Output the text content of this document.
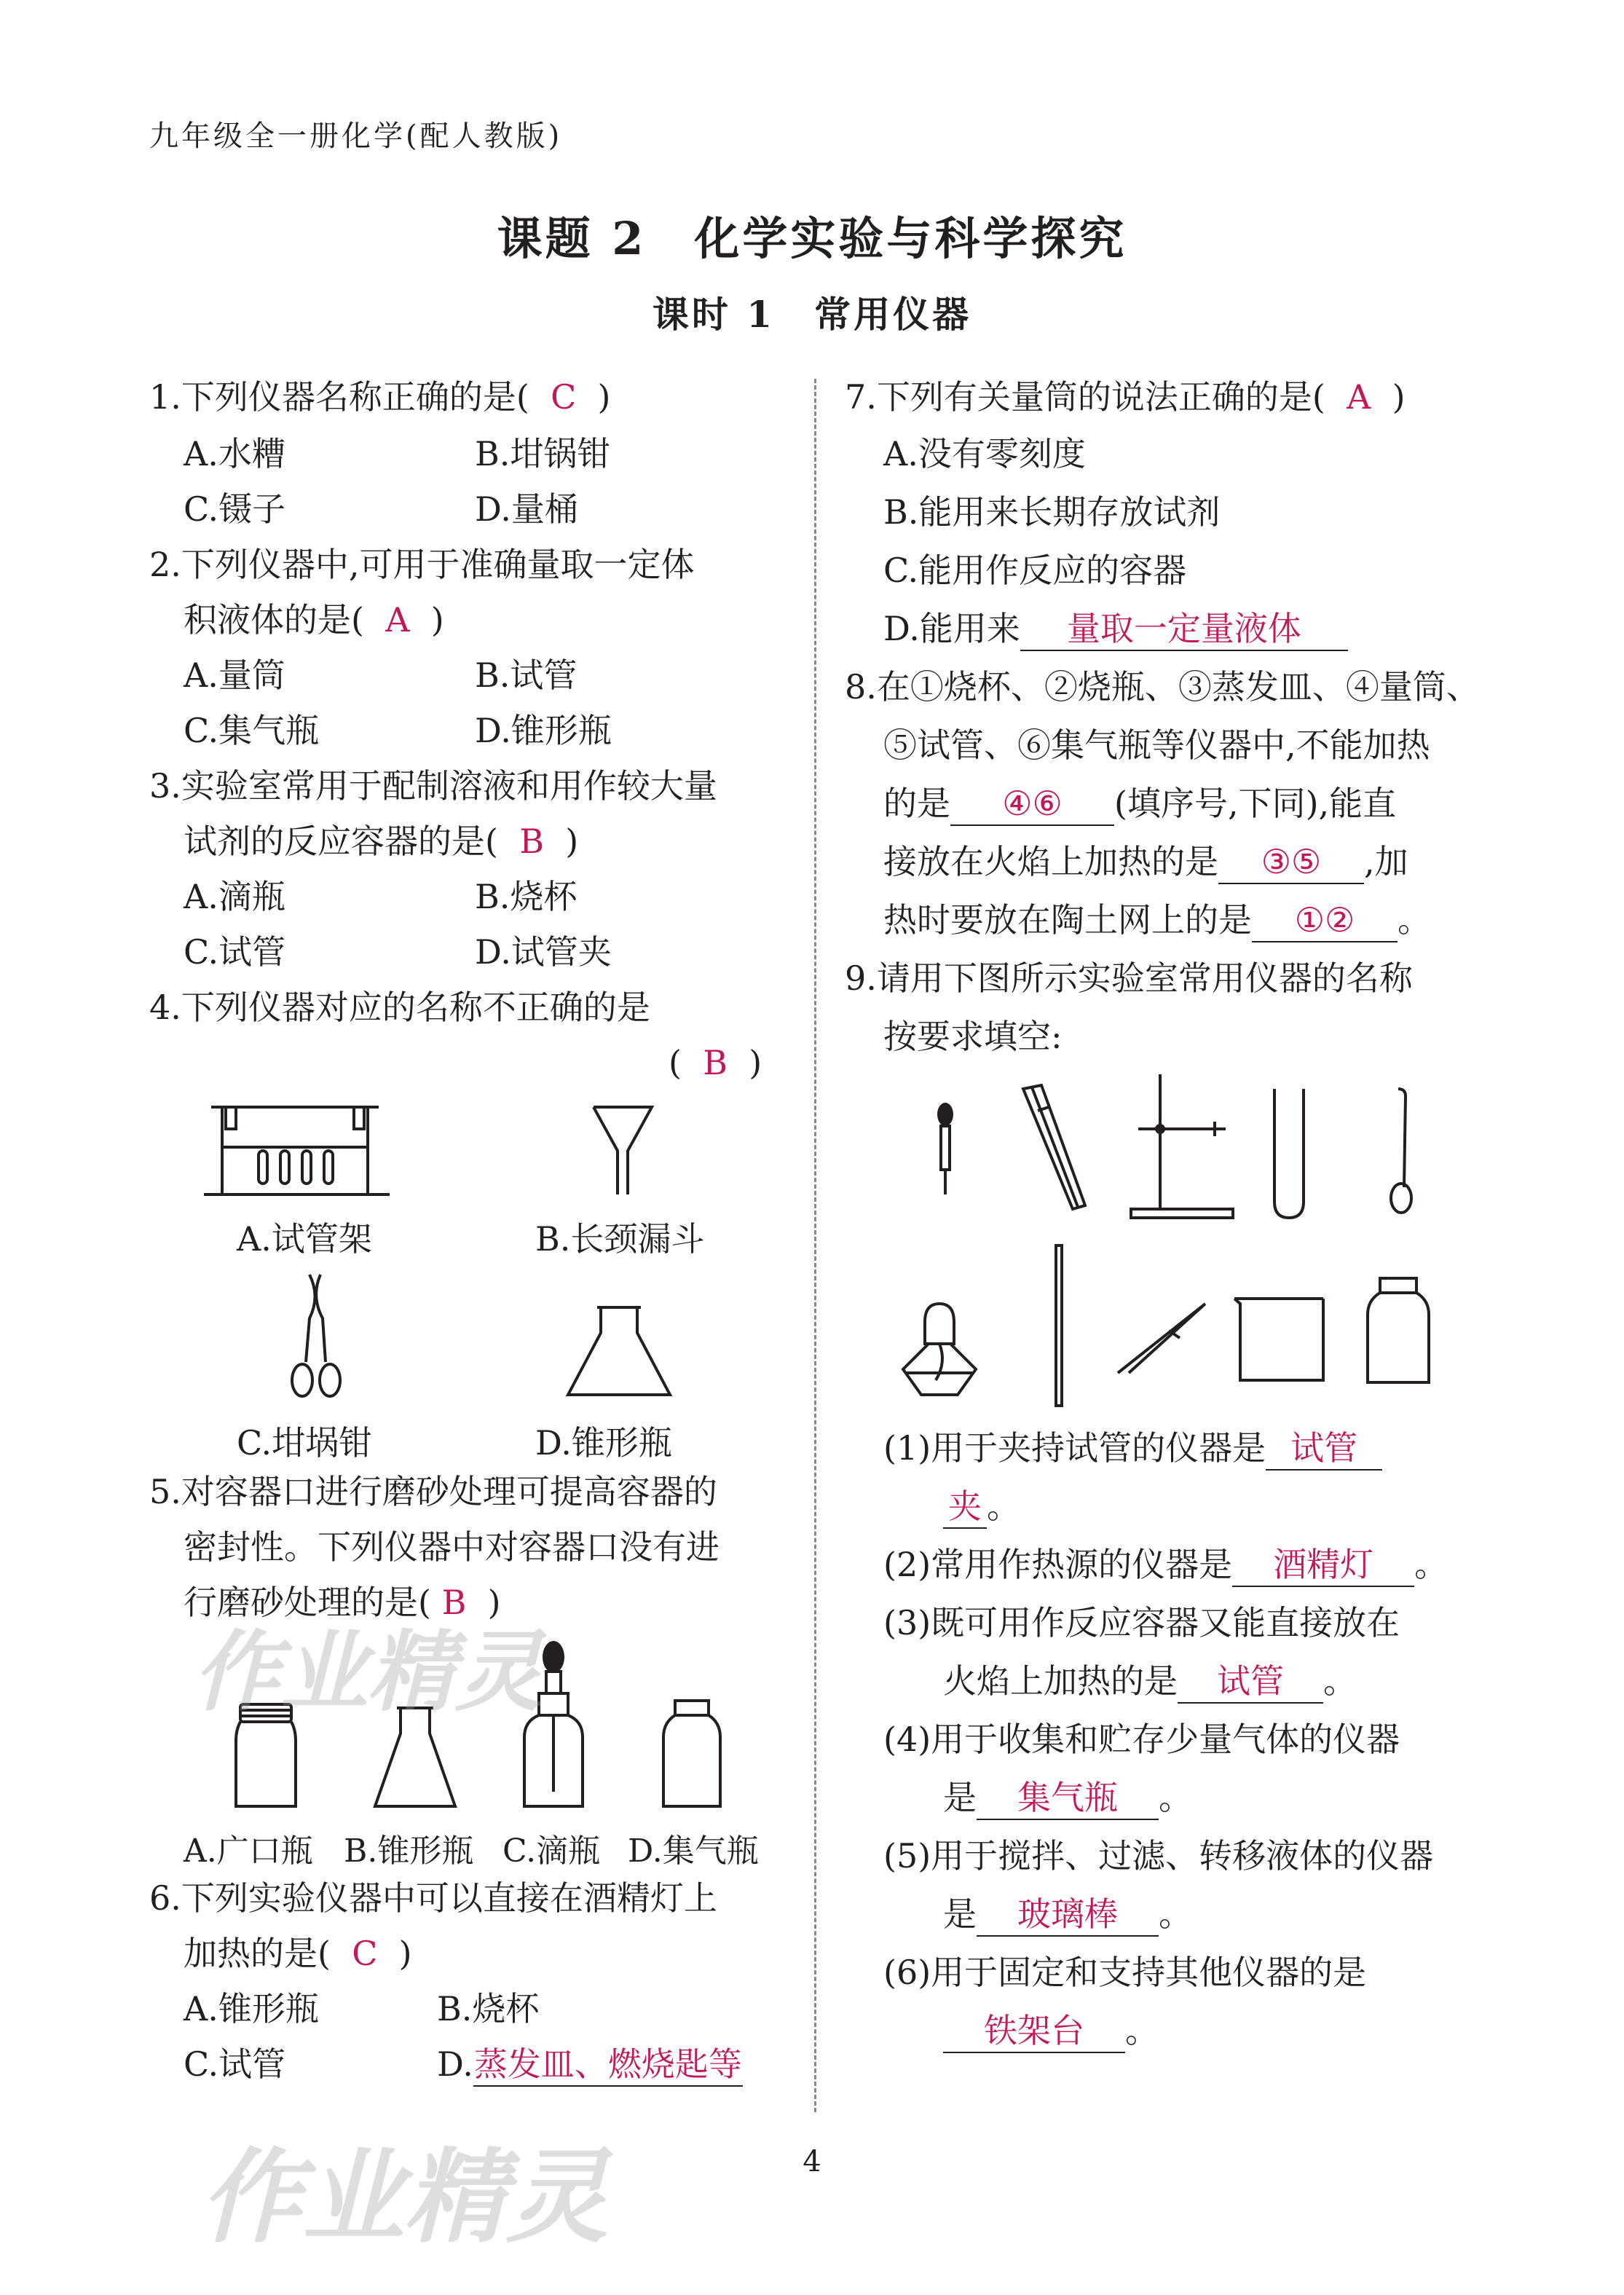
九年级全一册化学(配人教版)
课题 2　化学实验与科学探究
课时 1　常用仪器
1.下列仪器名称正确的是( C )
A.水糟	B.坩锅钳
C.镊子	D.量桶
2.下列仪器中,可用于准确量取一定体
积液体的是( A )
A.量筒	B.试管
C.集气瓶	D.锥形瓶
3.实验室常用于配制溶液和用作较大量
试剂的反应容器的是( B )
A.滴瓶	B.烧杯
C.试管	D.试管夹
4.下列仪器对应的名称不正确的是
( B )
A.试管架	B.长颈漏斗
C.坩埚钳	D.锥形瓶
5.对容器口进行磨砂处理可提高容器的
密封性。下列仪器中对容器口没有进
行磨砂处理的是( B )
A.广口瓶 B.锥形瓶 C.滴瓶 D.集气瓶
6.下列实验仪器中可以直接在酒精灯上
加热的是( C )
A.锥形瓶	B.烧杯
C.试管	D.蒸发皿、燃烧匙等
7.下列有关量筒的说法正确的是( A )
A.没有零刻度
B.能用来长期存放试剂
C.能用作反应的容器
D.能用来 量取一定量液体
8.在①烧杯、②烧瓶、③蒸发皿、④量筒、
⑤试管、⑥集气瓶等仪器中,不能加热
的是 ④⑥ (填序号,下同),能直
接放在火焰上加热的是 ③⑤ ,加
热时要放在陶土网上的是 ①② 。
9.请用下图所示实验室常用仪器的名称
按要求填空:
(1)用于夹持试管的仪器是 试管
夹 。
(2)常用作热源的仪器是 酒精灯 。
(3)既可用作反应容器又能直接放在
火焰上加热的是 试管 。
(4)用于收集和贮存少量气体的仪器
是 集气瓶 。
(5)用于搅拌、过滤、转移液体的仪器
是 玻璃棒 。
(6)用于固定和支持其他仪器的是
铁架台 。
4
作业精灵
作业精灵
